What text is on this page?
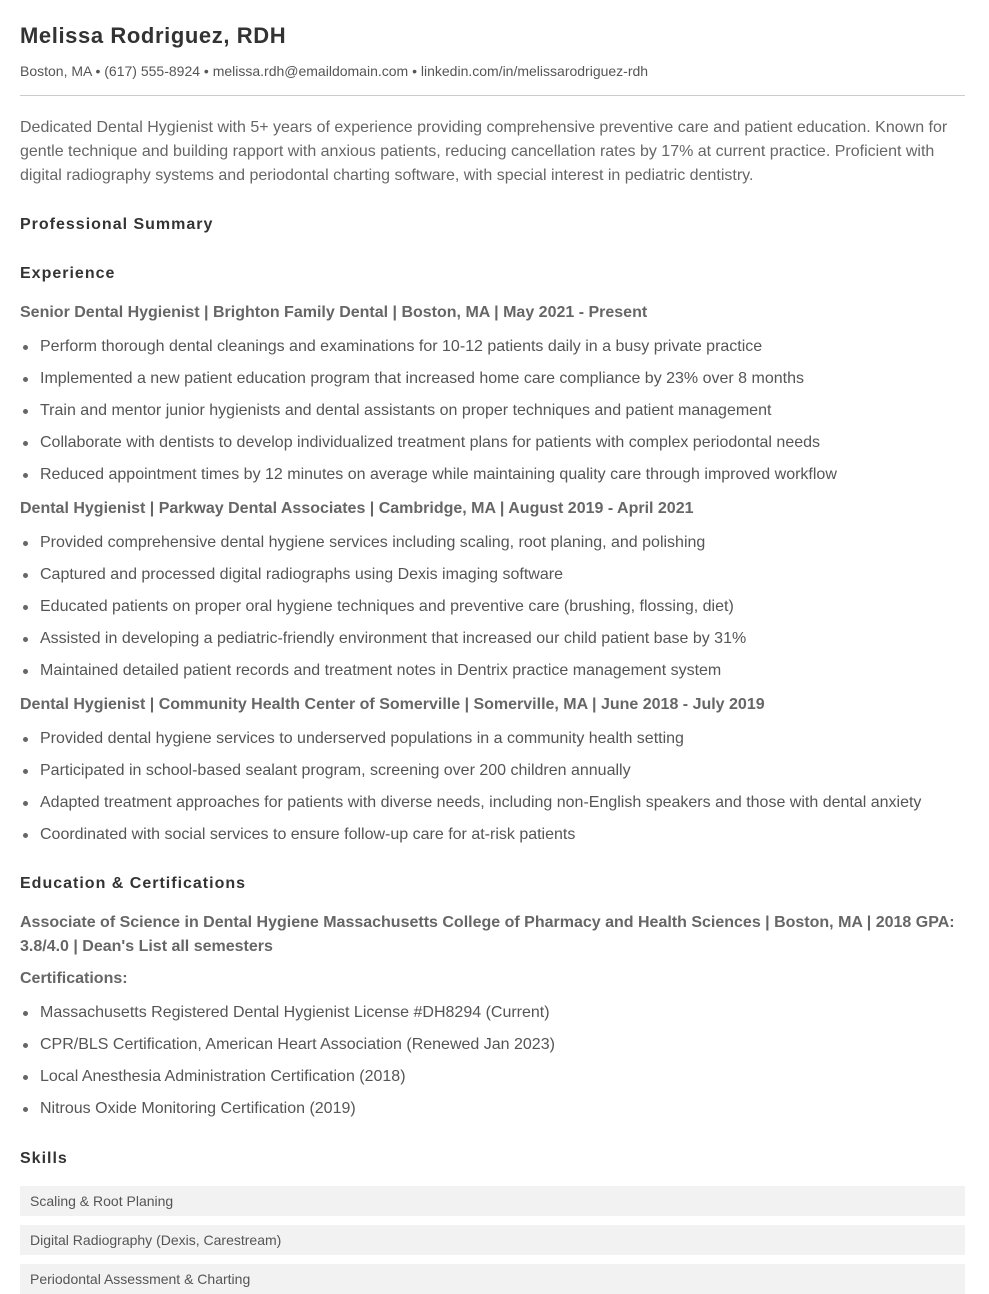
Melissa Rodriguez, RDH
Boston, MA • (617) 555-8924 • melissa.rdh@emaildomain.com • linkedin.com/in/melissarodriguez-rdh

Dedicated Dental Hygienist with 5+ years of experience providing comprehensive preventive care and patient education. Known for gentle technique and building rapport with anxious patients, reducing cancellation rates by 17% at current practice. Proficient with digital radiography systems and periodontal charting software, with special interest in pediatric dentistry.

Professional Summary
Experience
Senior Dental Hygienist | Brighton Family Dental | Boston, MA | May 2021 - Present
Perform thorough dental cleanings and examinations for 10-12 patients daily in a busy private practice
Implemented a new patient education program that increased home care compliance by 23% over 8 months
Train and mentor junior hygienists and dental assistants on proper techniques and patient management
Collaborate with dentists to develop individualized treatment plans for patients with complex periodontal needs
Reduced appointment times by 12 minutes on average while maintaining quality care through improved workflow
Dental Hygienist | Parkway Dental Associates | Cambridge, MA | August 2019 - April 2021
Provided comprehensive dental hygiene services including scaling, root planing, and polishing
Captured and processed digital radiographs using Dexis imaging software
Educated patients on proper oral hygiene techniques and preventive care (brushing, flossing, diet)
Assisted in developing a pediatric-friendly environment that increased our child patient base by 31%
Maintained detailed patient records and treatment notes in Dentrix practice management system
Dental Hygienist | Community Health Center of Somerville | Somerville, MA | June 2018 - July 2019
Provided dental hygiene services to underserved populations in a community health setting
Participated in school-based sealant program, screening over 200 children annually
Adapted treatment approaches for patients with diverse needs, including non-English speakers and those with dental anxiety
Coordinated with social services to ensure follow-up care for at-risk patients
Education & Certifications
Associate of Science in Dental Hygiene Massachusetts College of Pharmacy and Health Sciences | Boston, MA | 2018 GPA: 3.8/4.0 | Dean's List all semesters
Certifications:
Massachusetts Registered Dental Hygienist License #DH8294 (Current)
CPR/BLS Certification, American Heart Association (Renewed Jan 2023)
Local Anesthesia Administration Certification (2018)
Nitrous Oxide Monitoring Certification (2019)
Skills
Scaling & Root Planing
Digital Radiography (Dexis, Carestream)
Periodontal Assessment & Charting
